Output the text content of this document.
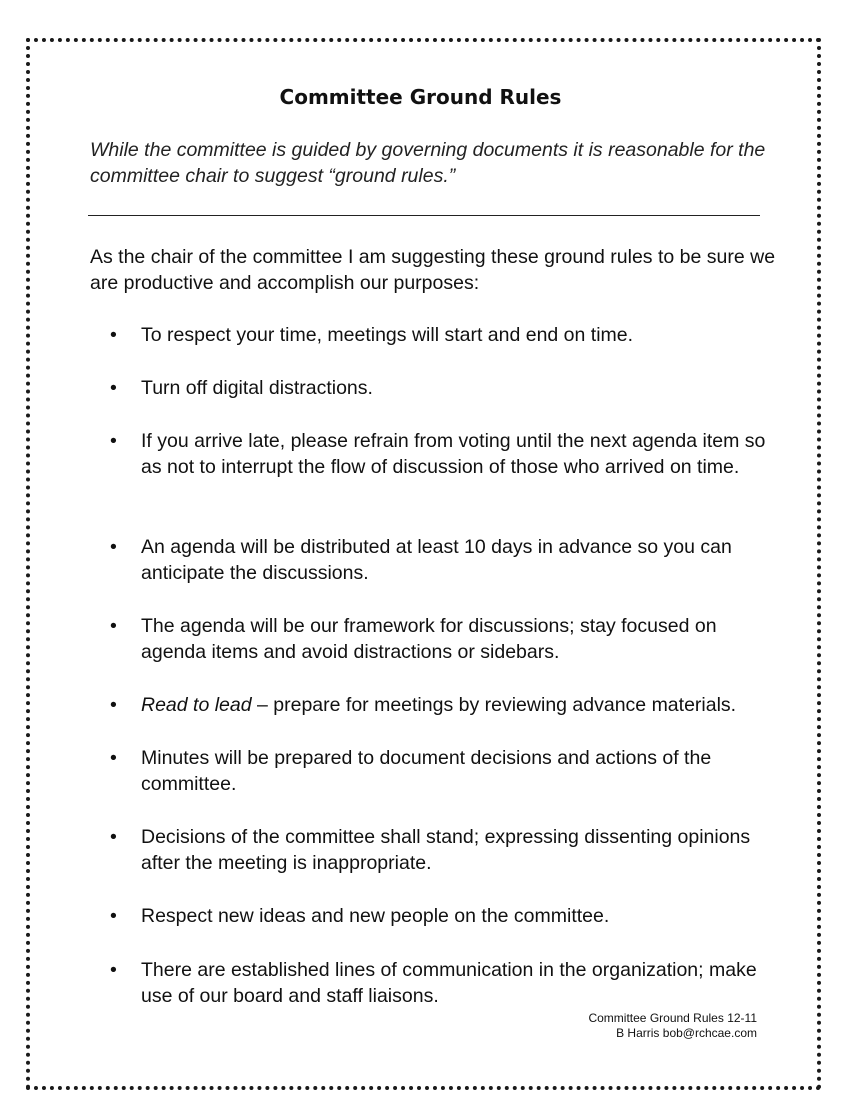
Committee Ground Rules
While the committee is guided by governing documents it is reasonable for the committee chair to suggest “ground rules.”
As the chair of the committee I am suggesting these ground rules to be sure we are productive and accomplish our purposes:
•	To respect your time, meetings will start and end on time.
•	Turn off digital distractions.
•	If you arrive late, please refrain from voting until the next agenda item so as not to interrupt the flow of discussion of those who arrived on time.
•	An agenda will be distributed at least 10 days in advance so you can anticipate the discussions.
•	The agenda will be our framework for discussions; stay focused on agenda items and avoid distractions or sidebars.
•	Read to lead – prepare for meetings by reviewing advance materials.
•	Minutes will be prepared to document decisions and actions of the committee.
•	Decisions of the committee shall stand; expressing dissenting opinions after the meeting is inappropriate.
•	Respect new ideas and new people on the committee.
•	There are established lines of communication in the organization; make use of our board and staff liaisons.
Committee Ground Rules 12-11
B Harris bob@rchcae.com
